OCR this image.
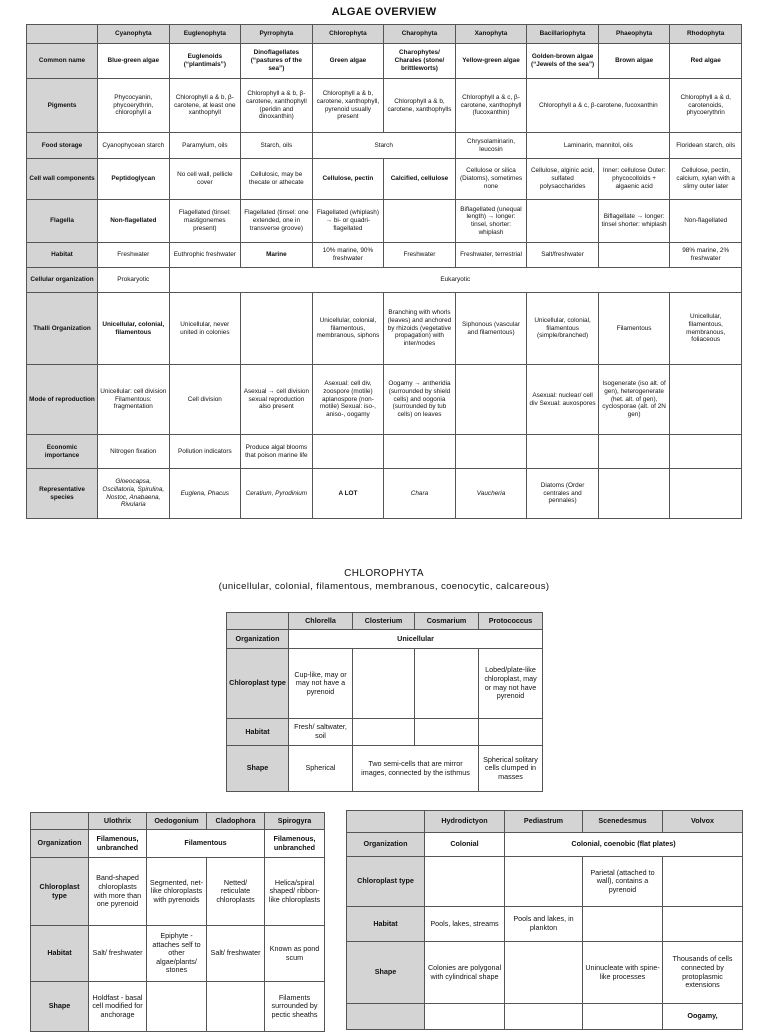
ALGAE OVERVIEW
	Cyanophyta	Euglenophyta	Pyrrophyta	Chlorophyta	Charophyta	Xanophyta	Bacillariophyta	Phaeophyta	Rhodophyta
Common name	Blue-green algae	Euglenoids (“plantimals”)	Dinoflagellates (“pastures of the sea”)	Green algae	Charophytes/ Charales (stone/ brittleworts)	Yellow-green algae	Golden-brown algae (“Jewels of the sea”)	Brown algae	Red algae
Pigments	Phycocyanin, phycoerythrin, chlorophyll a	Chlorophyll a & b, β-carotene, at least one xanthophyll	Chlorophyll a & b, β-carotene, xanthophyll (peridin and dinoxanthin)	Chlorophyll a & b, carotene, xanthophyll, pyrenoid usually present	Chlorophyll a & b, carotene, xanthophylls	Chlorophyll a & c, β-carotene, xanthophyll (fucoxanthin)	Chlorophyll a & c, β-carotene, fucoxanthin		Chlorophyll a & d, carotenoids, phycoerythrin
Food storage	Cyanophycean starch	Paramylum, oils	Starch, oils	Starch		Chrysolaminarin, leucosin	Laminarin, mannitol, oils		Floridean starch, oils
Cell wall components	Peptidoglycan	No cell wall, pellicle cover	Cellulosic, may be thecate or athecate	Cellulose, pectin	Calcified, cellulose	Cellulose or silica (Diatoms), sometimes none	Cellulose, alginic acid, sulfated polysaccharides	Inner: cellulose Outer: phycocolloids + algaenic acid	Cellulose, pectin, calcium, xylan with a slimy outer later
Flagella	Non-flagellated	Flagellated (tinsel: mastigonemes present)	Flagellated (tinsel: one extended, one in transverse groove)	Flagellated (whiplash) → bi- or quadri-flagellated		Biflagellated (unequal length) → longer: tinsel, shorter: whiplash		Biflagellate → longer: tinsel shorter: whiplash	Non-flagellated
Habitat	Freshwater	Euthrophic freshwater	Marine	10% marine, 90% freshwater	Freshwater	Freshwater, terrestrial	Salt/freshwater		98% marine, 2% freshwater
Cellular organization	Prokaryotic	Eukaryotic							
Thalli Organization	Unicellular, colonial, filamentous	Unicellular, never united in colonies		Unicellular, colonial, filamentous, membranous, siphons	Branching with whorls (leaves) and anchored by rhizoids (vegetative propagation) with inter/nodes	Siphonous (vascular and filamentous)	Unicellular, colonial, filamentous (simple/branched)	Filamentous	Unicellular, filamentous, membranous, foliaceous
Mode of reproduction	Unicellular: cell division Filamentous: fragmentation	Cell division	Asexual → cell division sexual reproduction also present	Asexual: cell div, zoospore (motile) aplanospore (non-motile) Sexual: iso-, aniso-, oogamy	Oogamy → antheridia (surrounded by shield cells) and oogonia (surrounded by tub cells) on leaves		Asexual: nuclear/ cell div Sexual: auxospores	Isogenerate (iso alt. of gen), heterogenerate (het. alt. of gen), cyclosporae (alt. of 2N gen)	
Economic importance	Nitrogen fixation	Pollution indicators	Produce algal blooms that poison marine life						
Representative species	Gloeocapsa, Oscillatoria, Spirulina, Nostoc, Anabaena, Rivularia	Euglena, Phacus	Ceratium, Pyrodinium	A LOT	Chara	Vaucheria	Diatoms (Order centrales and pennales)		
CHLOROPHYTA
(unicellular, colonial, filamentous, membranous, coenocytic, calcareous)
	Chlorella	Closterium	Cosmarium	Protococcus
Organization	Unicellular			
Chloroplast type	Cup-like, may or may not have a pyrenoid			Lobed/plate-like chloroplast, may or may not have pyrenoid
Habitat	Fresh/ saltwater, soil			
Shape	Spherical	Two semi-cells that are mirror images, connected by the isthmus		Spherical solitary cells clumped in masses
	Ulothrix	Oedogonium	Cladophora	Spirogyra
Organization	Filamenous, unbranched	Filamentous		Filamenous, unbranched
Chloroplast type	Band-shaped chloroplasts with more than one pyrenoid	Segmented, net-like chloroplasts with pyrenoids	Netted/ reticulate chloroplasts	Helica/spiral shaped/ ribbon-like chloroplasts
Habitat	Salt/ freshwater	Epiphyte - attaches self to other algae/plants/ stones	Salt/ freshwater	Known as pond scum
Shape	Holdfast - basal cell modified for anchorage			Filaments surrounded by pectic sheaths
	Hydrodictyon	Pediastrum	Scenedesmus	Volvox
Organization	Colonial	Colonial, coenobic (flat plates)		
Chloroplast type			Parietal (attached to wall), contains a pyrenoid	
Habitat	Pools, lakes, streams	Pools and lakes, in plankton		
Shape	Colonies are polygonal with cylindrical shape		Uninucleate with spine-like processes	Thousands of cells connected by protoplasmic extensions
				Oogamy,
